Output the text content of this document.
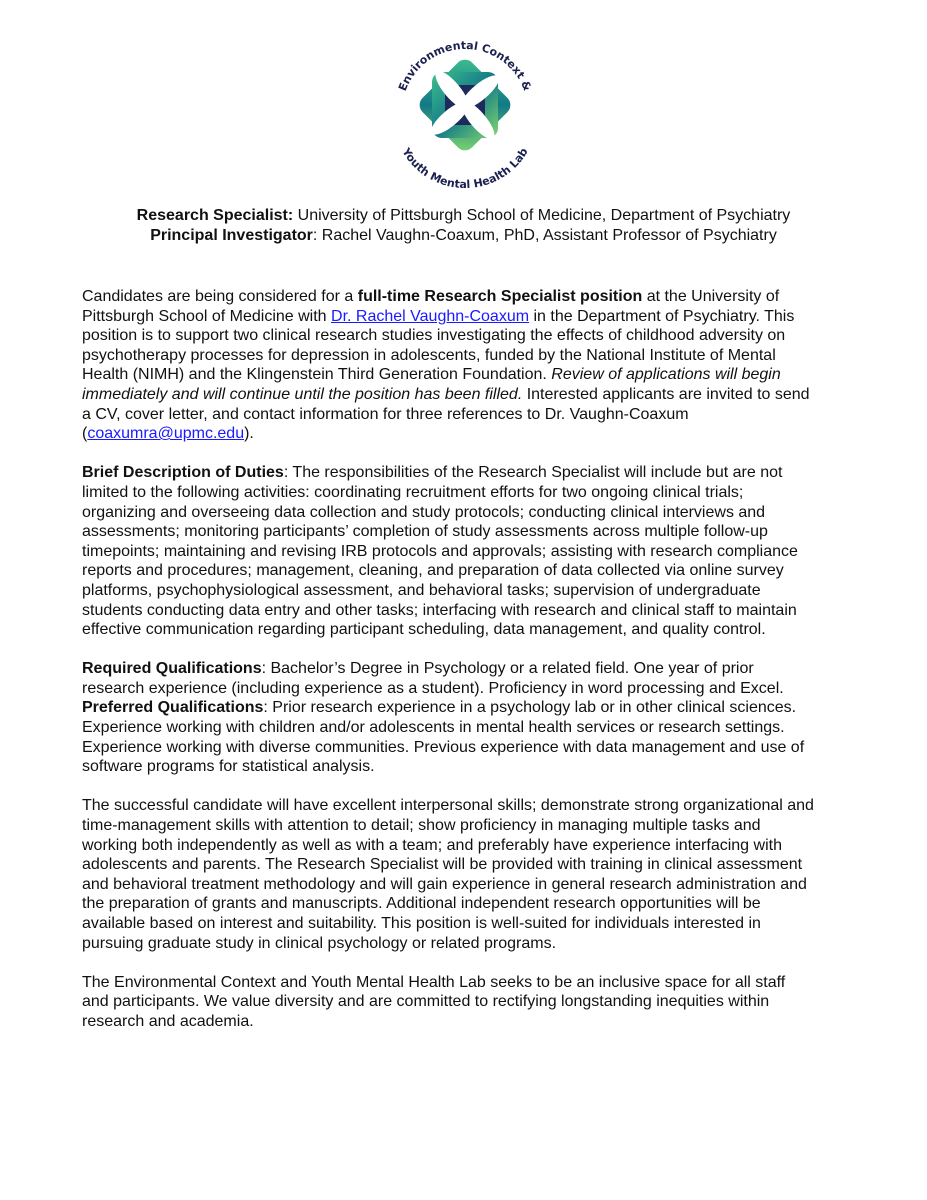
Environmental Context &
Youth Mental Health Lab
Research Specialist: University of Pittsburgh School of Medicine, Department of Psychiatry
Principal Investigator: Rachel Vaughn-Coaxum, PhD, Assistant Professor of Psychiatry
Candidates are being considered for a full-time Research Specialist position at the University of
Pittsburgh School of Medicine with Dr. Rachel Vaughn-Coaxum in the Department of Psychiatry. This
position is to support two clinical research studies investigating the effects of childhood adversity on
psychotherapy processes for depression in adolescents, funded by the National Institute of Mental
Health (NIMH) and the Klingenstein Third Generation Foundation. Review of applications will begin
immediately and will continue until the position has been filled. Interested applicants are invited to send
a CV, cover letter, and contact information for three references to Dr. Vaughn-Coaxum
(coaxumra@upmc.edu).
Brief Description of Duties: The responsibilities of the Research Specialist will include but are not
limited to the following activities: coordinating recruitment efforts for two ongoing clinical trials;
organizing and overseeing data collection and study protocols; conducting clinical interviews and
assessments; monitoring participants’ completion of study assessments across multiple follow-up
timepoints; maintaining and revising IRB protocols and approvals; assisting with research compliance
reports and procedures; management, cleaning, and preparation of data collected via online survey
platforms, psychophysiological assessment, and behavioral tasks; supervision of undergraduate
students conducting data entry and other tasks; interfacing with research and clinical staff to maintain
effective communication regarding participant scheduling, data management, and quality control.
Required Qualifications: Bachelor’s Degree in Psychology or a related field. One year of prior
research experience (including experience as a student). Proficiency in word processing and Excel.
Preferred Qualifications: Prior research experience in a psychology lab or in other clinical sciences.
Experience working with children and/or adolescents in mental health services or research settings.
Experience working with diverse communities. Previous experience with data management and use of
software programs for statistical analysis.
The successful candidate will have excellent interpersonal skills; demonstrate strong organizational and
time-management skills with attention to detail; show proficiency in managing multiple tasks and
working both independently as well as with a team; and preferably have experience interfacing with
adolescents and parents. The Research Specialist will be provided with training in clinical assessment
and behavioral treatment methodology and will gain experience in general research administration and
the preparation of grants and manuscripts. Additional independent research opportunities will be
available based on interest and suitability. This position is well-suited for individuals interested in
pursuing graduate study in clinical psychology or related programs.
The Environmental Context and Youth Mental Health Lab seeks to be an inclusive space for all staff
and participants. We value diversity and are committed to rectifying longstanding inequities within
research and academia.
